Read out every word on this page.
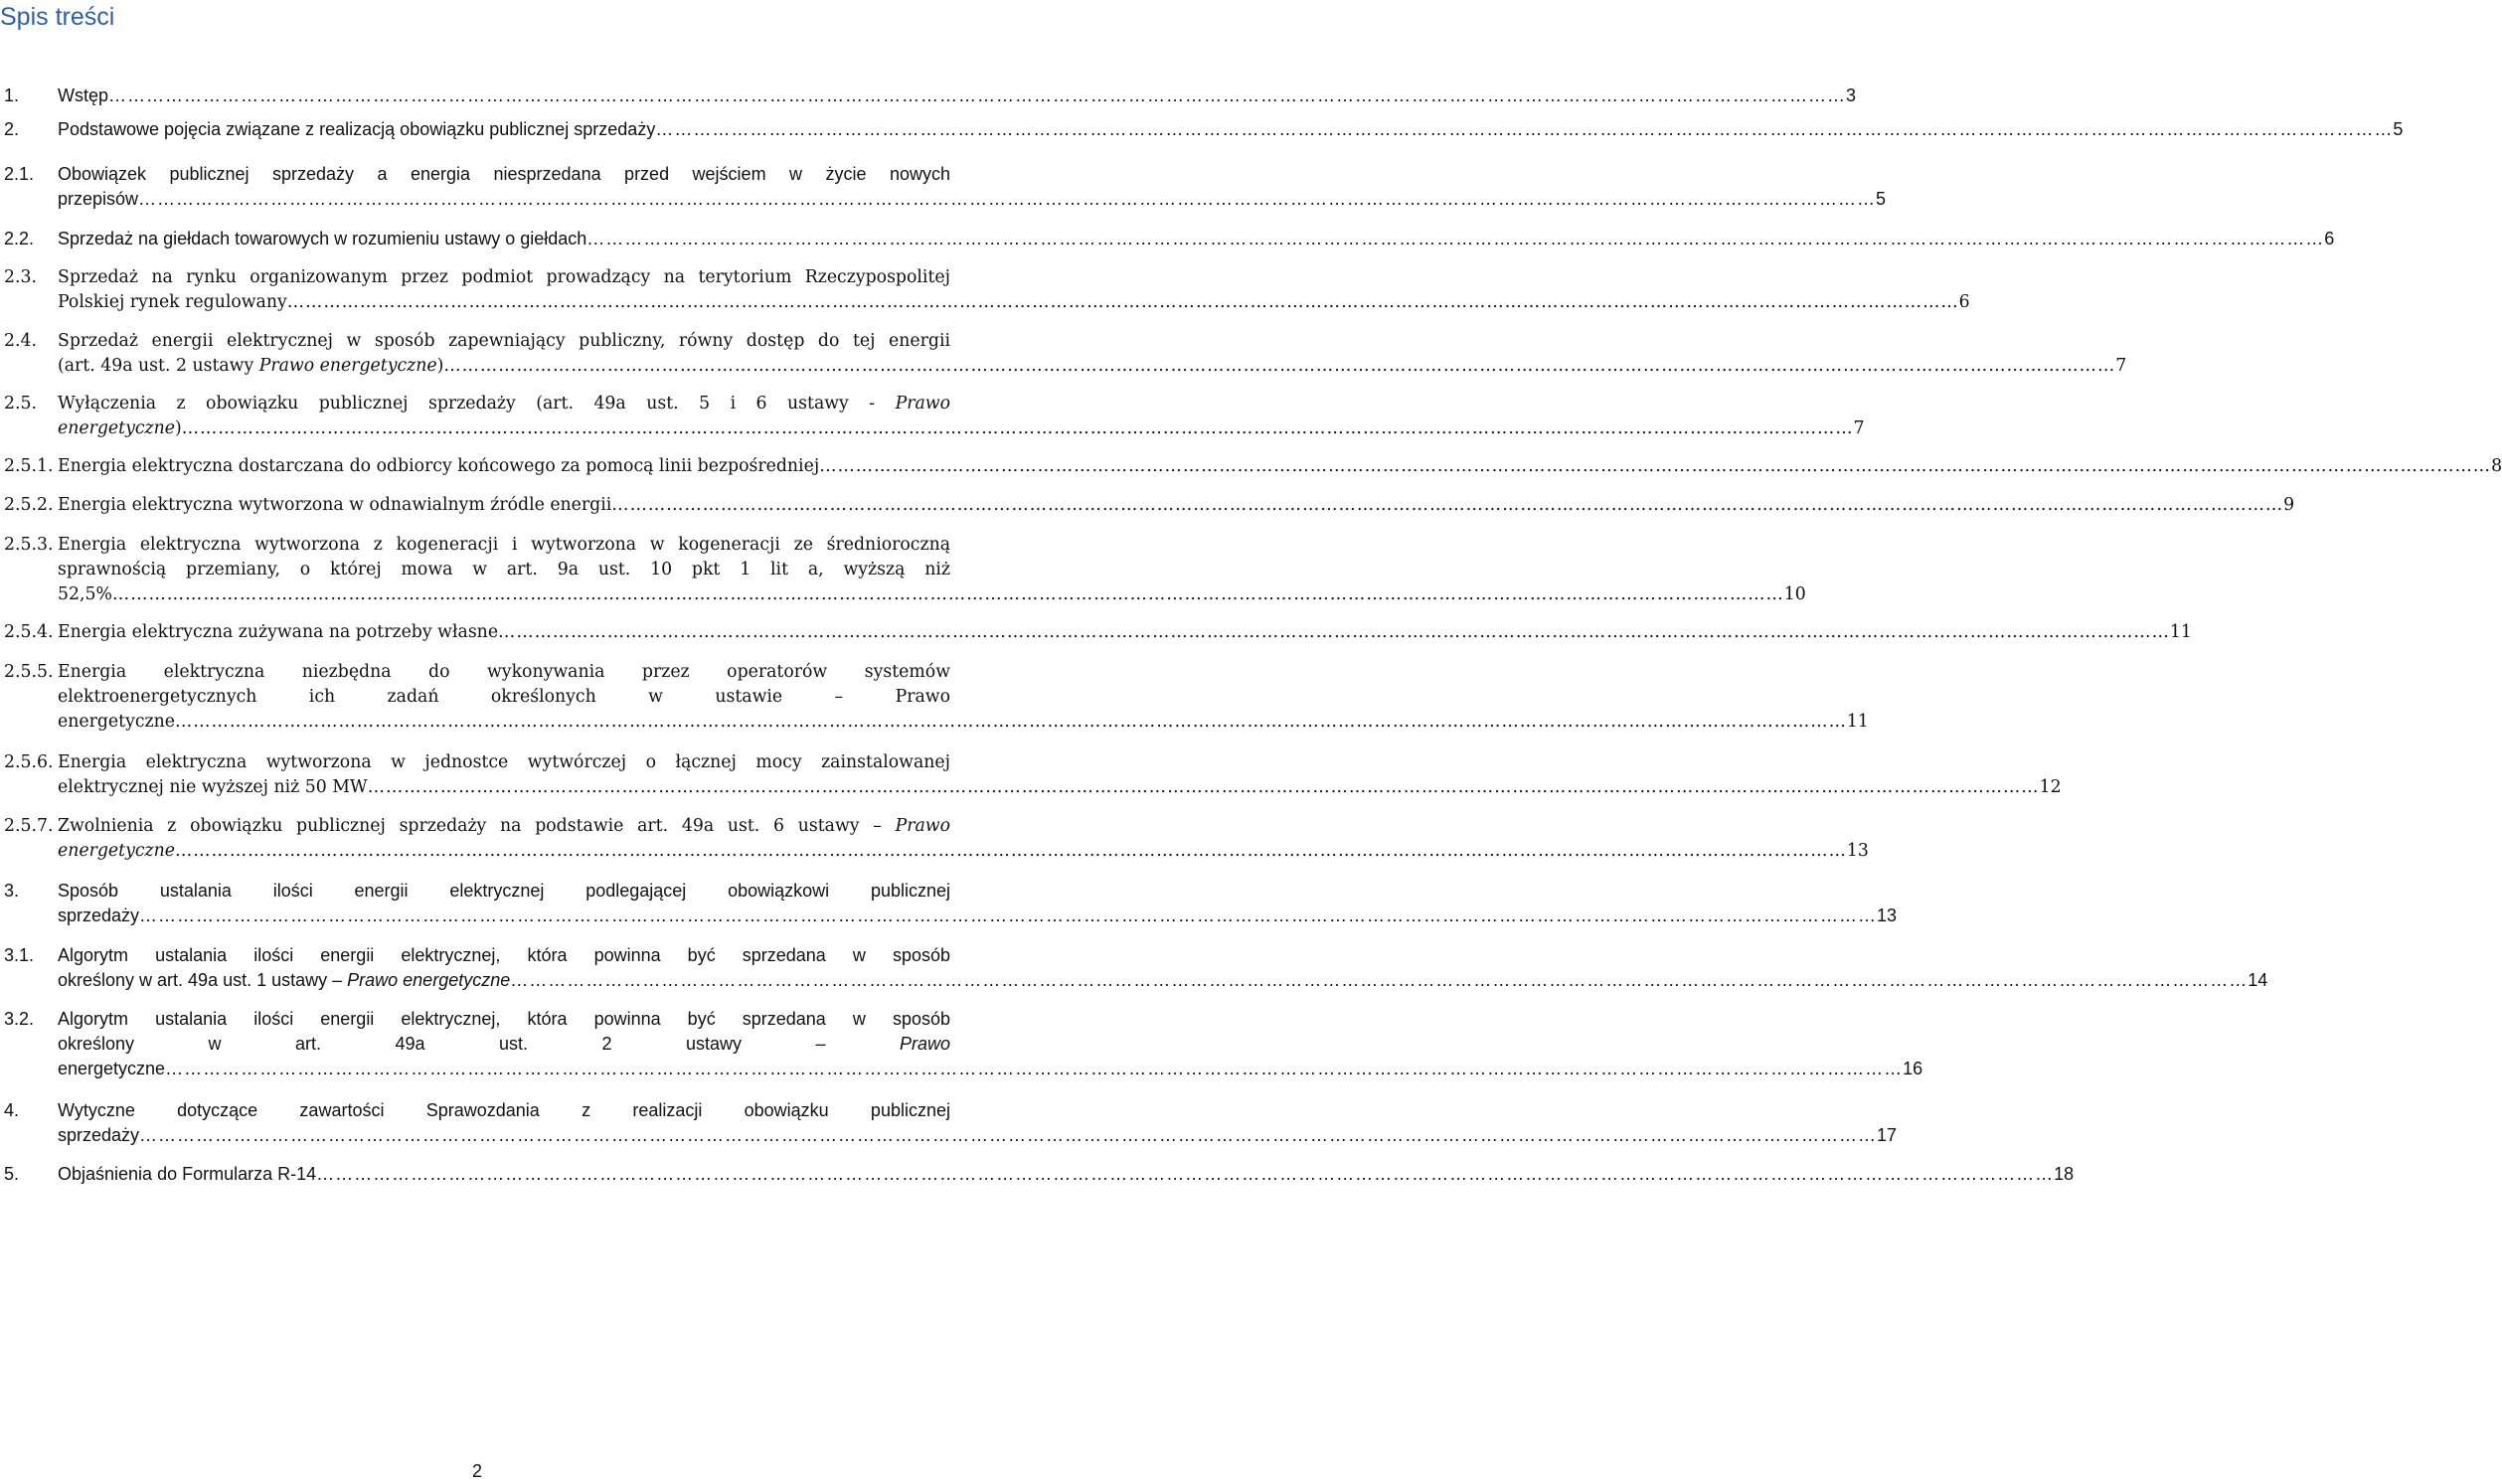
Spis treści
1. Wstęp …………………………………………………………………………………………………………………………………………………………………………………………………………………………………………………… 3
2. Podstawowe pojęcia związane z realizacją obowiązku publicznej sprzedaży …………………………………………………………………………………………………………………………………………………………………………………………………………………………………………………… 5
2.1. Obowiązek publicznej sprzedaży a energia niesprzedana przed wejściem w życie nowych
przepisów …………………………………………………………………………………………………………………………………………………………………………………………………………………………………………………… 5
2.2. Sprzedaż na giełdach towarowych w rozumieniu ustawy o giełdach …………………………………………………………………………………………………………………………………………………………………………………………………………………………………………………… 6
2.3. Sprzedaż na rynku organizowanym przez podmiot prowadzący na terytorium Rzeczypospolitej
Polskiej rynek regulowany …………………………………………………………………………………………………………………………………………………………………………………………………………………………………………………… 6
2.4. Sprzedaż energii elektrycznej w sposób zapewniający publiczny, równy dostęp do tej energii
(art. 49a ust. 2 ustawy Prawo energetyczne) …………………………………………………………………………………………………………………………………………………………………………………………………………………………………………………… 7
2.5. Wyłączenia z obowiązku publicznej sprzedaży (art. 49a ust. 5 i 6 ustawy - Prawo
energetyczne) …………………………………………………………………………………………………………………………………………………………………………………………………………………………………………………… 7
2.5.1. Energia elektryczna dostarczana do odbiorcy końcowego za pomocą linii bezpośredniej …………………………………………………………………………………………………………………………………………………………………………………………………………………………………………………… 8
2.5.2. Energia elektryczna wytworzona w odnawialnym źródle energii …………………………………………………………………………………………………………………………………………………………………………………………………………………………………………………… 9
2.5.3. Energia elektryczna wytworzona z kogeneracji i wytworzona w kogeneracji ze średnioroczną
sprawnością przemiany, o której mowa w art. 9a ust. 10 pkt 1 lit a, wyższą niż
52,5% …………………………………………………………………………………………………………………………………………………………………………………………………………………………………………………… 10
2.5.4. Energia elektryczna zużywana na potrzeby własne …………………………………………………………………………………………………………………………………………………………………………………………………………………………………………………… 11
2.5.5. Energia elektryczna niezbędna do wykonywania przez operatorów systemów
elektroenergetycznych ich zadań określonych w ustawie – Prawo
energetyczne …………………………………………………………………………………………………………………………………………………………………………………………………………………………………………………… 11
2.5.6. Energia elektryczna wytworzona w jednostce wytwórczej o łącznej mocy zainstalowanej
elektrycznej nie wyższej niż 50 MW …………………………………………………………………………………………………………………………………………………………………………………………………………………………………………………… 12
2.5.7. Zwolnienia z obowiązku publicznej sprzedaży na podstawie art. 49a ust. 6 ustawy – Prawo
energetyczne …………………………………………………………………………………………………………………………………………………………………………………………………………………………………………………… 13
3. Sposób ustalania ilości energii elektrycznej podlegającej obowiązkowi publicznej
sprzedaży …………………………………………………………………………………………………………………………………………………………………………………………………………………………………………………… 13
3.1. Algorytm ustalania ilości energii elektrycznej, która powinna być sprzedana w sposób
określony w art. 49a ust. 1 ustawy – Prawo energetyczne …………………………………………………………………………………………………………………………………………………………………………………………………………………………………………………… 14
3.2. Algorytm ustalania ilości energii elektrycznej, która powinna być sprzedana w sposób
określony w art. 49a ust. 2 ustawy – Prawo
energetyczne …………………………………………………………………………………………………………………………………………………………………………………………………………………………………………………… 16
4. Wytyczne dotyczące zawartości Sprawozdania z realizacji obowiązku publicznej
sprzedaży …………………………………………………………………………………………………………………………………………………………………………………………………………………………………………………… 17
5. Objaśnienia do Formularza R-14 …………………………………………………………………………………………………………………………………………………………………………………………………………………………………………………… 18
2
